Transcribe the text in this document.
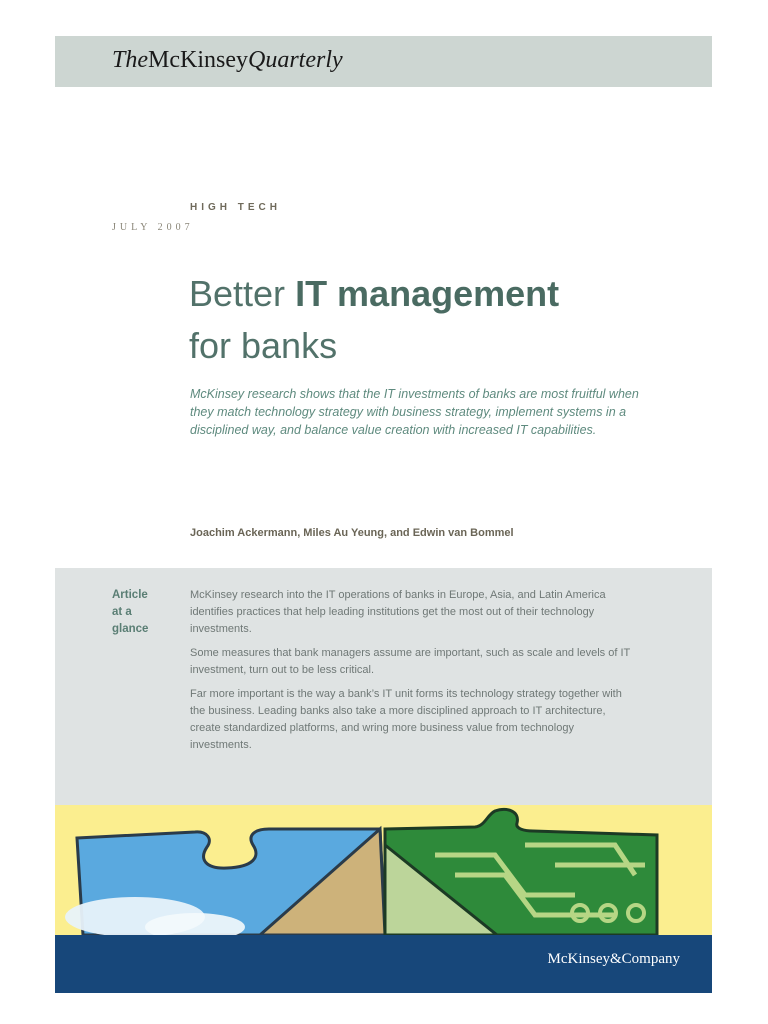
TheMcKinseyQuarterly
HIGH TECH
JULY 2007
Better IT management
for banks
McKinsey research shows that the IT investments of banks are most fruitful when they match technology strategy with business strategy, implement systems in a disciplined way, and balance value creation with increased IT capabilities.
Joachim Ackermann, Miles Au Yeung, and Edwin van Bommel
Article
at a
glance

McKinsey research into the IT operations of banks in Europe, Asia, and Latin America identifies practices that help leading institutions get the most out of their technology investments.

Some measures that bank managers assume are important, such as scale and levels of IT investment, turn out to be less critical.

Far more important is the way a bank’s IT unit forms its technology strategy together with the business. Leading banks also take a more disciplined approach to IT architecture, create standardized platforms, and wring more business value from technology investments.

McKinsey&Company
